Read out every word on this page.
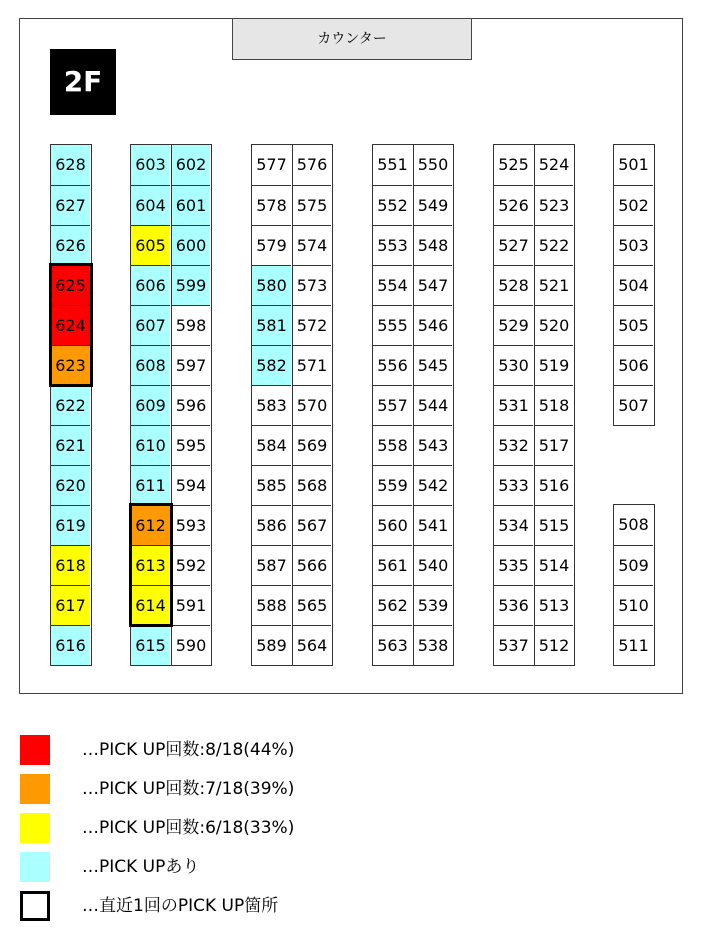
カウンター
2F
628
627
626
625
624
623
622
621
620
619
618
617
616
603
604
605
606
607
608
609
610
611
612
613
614
615
602
601
600
599
598
597
596
595
594
593
592
591
590
577
578
579
580
581
582
583
584
585
586
587
588
589
576
575
574
573
572
571
570
569
568
567
566
565
564
551
552
553
554
555
556
557
558
559
560
561
562
563
550
549
548
547
546
545
544
543
542
541
540
539
538
525
526
527
528
529
530
531
532
533
534
535
536
537
524
523
522
521
520
519
518
517
516
515
514
513
512
501
502
503
504
505
506
507
508
509
510
511
…PICK UP回数:8/18(44%)
…PICK UP回数:7/18(39%)
…PICK UP回数:6/18(33%)
…PICK UPあり
…直近1回のPICK UP箇所
